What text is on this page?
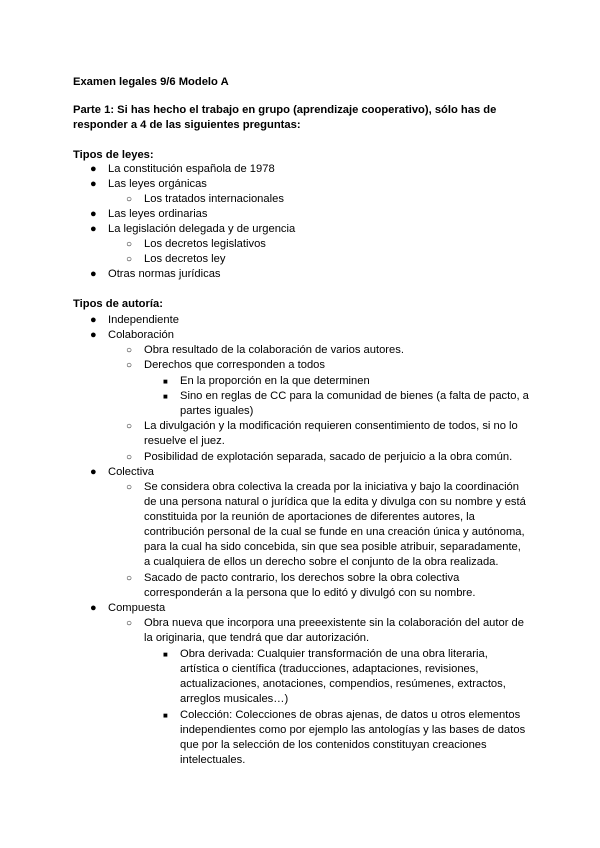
Examen legales 9/6 Modelo A
Parte 1: Si has hecho el trabajo en grupo (aprendizaje cooperativo), sólo has de
responder a 4 de las siguientes preguntas:
Tipos de leyes:
● La constitución española de 1978
● Las leyes orgánicas
○ Los tratados internacionales
● Las leyes ordinarias
● La legislación delegada y de urgencia
○ Los decretos legislativos
○ Los decretos ley
● Otras normas jurídicas
Tipos de autoría:
● Independiente
● Colaboración
○ Obra resultado de la colaboración de varios autores.
○ Derechos que corresponden a todos
■ En la proporción en la que determinen
■ Sino en reglas de CC para la comunidad de bienes (a falta de pacto, a
partes iguales)
○ La divulgación y la modificación requieren consentimiento de todos, si no lo
resuelve el juez.
○ Posibilidad de explotación separada, sacado de perjuicio a la obra común.
● Colectiva
○ Se considera obra colectiva la creada por la iniciativa y bajo la coordinación
de una persona natural o jurídica que la edita y divulga con su nombre y está
constituida por la reunión de aportaciones de diferentes autores, la
contribución personal de la cual se funde en una creación única y autónoma,
para la cual ha sido concebida, sin que sea posible atribuir, separadamente,
a cualquiera de ellos un derecho sobre el conjunto de la obra realizada.
○ Sacado de pacto contrario, los derechos sobre la obra colectiva
corresponderán a la persona que lo editó y divulgó con su nombre.
● Compuesta
○ Obra nueva que incorpora una preeexistente sin la colaboración del autor de
la originaria, que tendrá que dar autorización.
■ Obra derivada: Cualquier transformación de una obra literaria,
artística o científica (traducciones, adaptaciones, revisiones,
actualizaciones, anotaciones, compendios, resúmenes, extractos,
arreglos musicales…)
■ Colección: Colecciones de obras ajenas, de datos u otros elementos
independientes como por ejemplo las antologías y las bases de datos
que por la selección de los contenidos constituyan creaciones
intelectuales.
